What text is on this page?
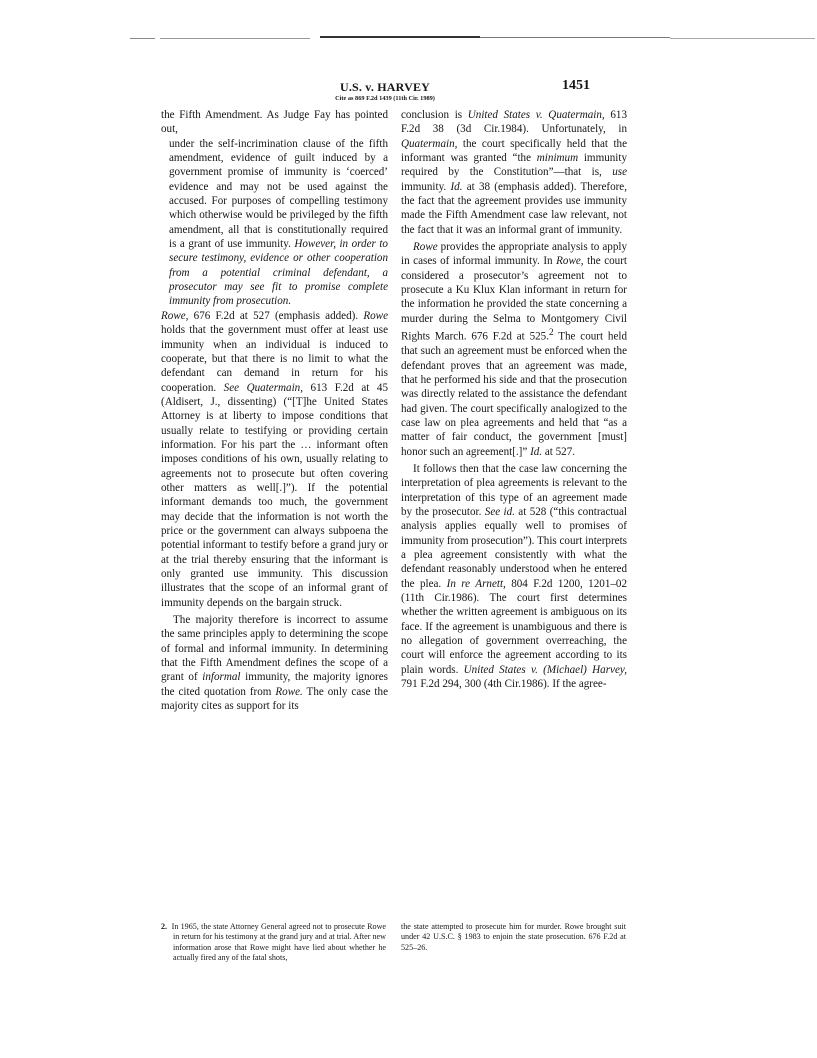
U.S. v. HARVEY
Cite as 869 F.2d 1439 (11th Cir. 1989)
1451

the Fifth Amendment. As Judge Fay has pointed out,

under the self-incrimination clause of the fifth amendment, evidence of guilt induced by a government promise of immunity is ‘coerced’ evidence and may not be used against the accused. For purposes of compelling testimony which otherwise would be privileged by the fifth amendment, all that is constitutionally required is a grant of use immunity. However, in order to secure testimony, evidence or other cooperation from a potential criminal defendant, a prosecutor may see fit to promise complete immunity from prosecution.

Rowe, 676 F.2d at 527 (emphasis added). Rowe holds that the government must offer at least use immunity when an individual is induced to cooperate, but that there is no limit to what the defendant can demand in return for his cooperation. See Quatermain, 613 F.2d at 45 (Aldisert, J., dissenting) (“[T]he United States Attorney is at liberty to impose conditions that usually relate to testifying or providing certain information. For his part the … informant often imposes conditions of his own, usually relating to agreements not to prosecute but often covering other matters as well[.]”). If the potential informant demands too much, the government may decide that the information is not worth the price or the government can always subpoena the potential informant to testify before a grand jury or at the trial thereby ensuring that the informant is only granted use immunity. This discussion illustrates that the scope of an informal grant of immunity depends on the bargain struck.

The majority therefore is incorrect to assume the same principles apply to determining the scope of formal and informal immunity. In determining that the Fifth Amendment defines the scope of a grant of informal immunity, the majority ignores the cited quotation from Rowe. The only case the majority cites as support for its

conclusion is United States v. Quatermain, 613 F.2d 38 (3d Cir.1984). Unfortunately, in Quatermain, the court specifically held that the informant was granted “the minimum immunity required by the Constitution”—that is, use immunity. Id. at 38 (emphasis added). Therefore, the fact that the agreement provides use immunity made the Fifth Amendment case law relevant, not the fact that it was an informal grant of immunity.

Rowe provides the appropriate analysis to apply in cases of informal immunity. In Rowe, the court considered a prosecutor’s agreement not to prosecute a Ku Klux Klan informant in return for the information he provided the state concerning a murder during the Selma to Montgomery Civil Rights March. 676 F.2d at 525.$^2$ The court held that such an agreement must be enforced when the defendant proves that an agreement was made, that he performed his side and that the prosecution was directly related to the assistance the defendant had given. The court specifically analogized to the case law on plea agreements and held that “as a matter of fair conduct, the government [must] honor such an agreement[.]” Id. at 527.

It follows then that the case law concerning the interpretation of plea agreements is relevant to the interpretation of this type of an agreement made by the prosecutor. See id. at 528 (“this contractual analysis applies equally well to promises of immunity from prosecution”). This court interprets a plea agreement consistently with what the defendant reasonably understood when he entered the plea. In re Arnett, 804 F.2d 1200, 1201–02 (11th Cir.1986). The court first determines whether the written agreement is ambiguous on its face. If the agreement is unambiguous and there is no allegation of government overreaching, the court will enforce the agreement according to its plain words. United States v. (Michael) Harvey, 791 F.2d 294, 300 (4th Cir.1986). If the agree-

2. In 1965, the state Attorney General agreed not to prosecute Rowe in return for his testimony at the grand jury and at trial. After new information arose that Rowe might have lied about whether he actually fired any of the fatal shots,
the state attempted to prosecute him for murder. Rowe brought suit under 42 U.S.C. § 1983 to enjoin the state prosecution. 676 F.2d at 525–26.
